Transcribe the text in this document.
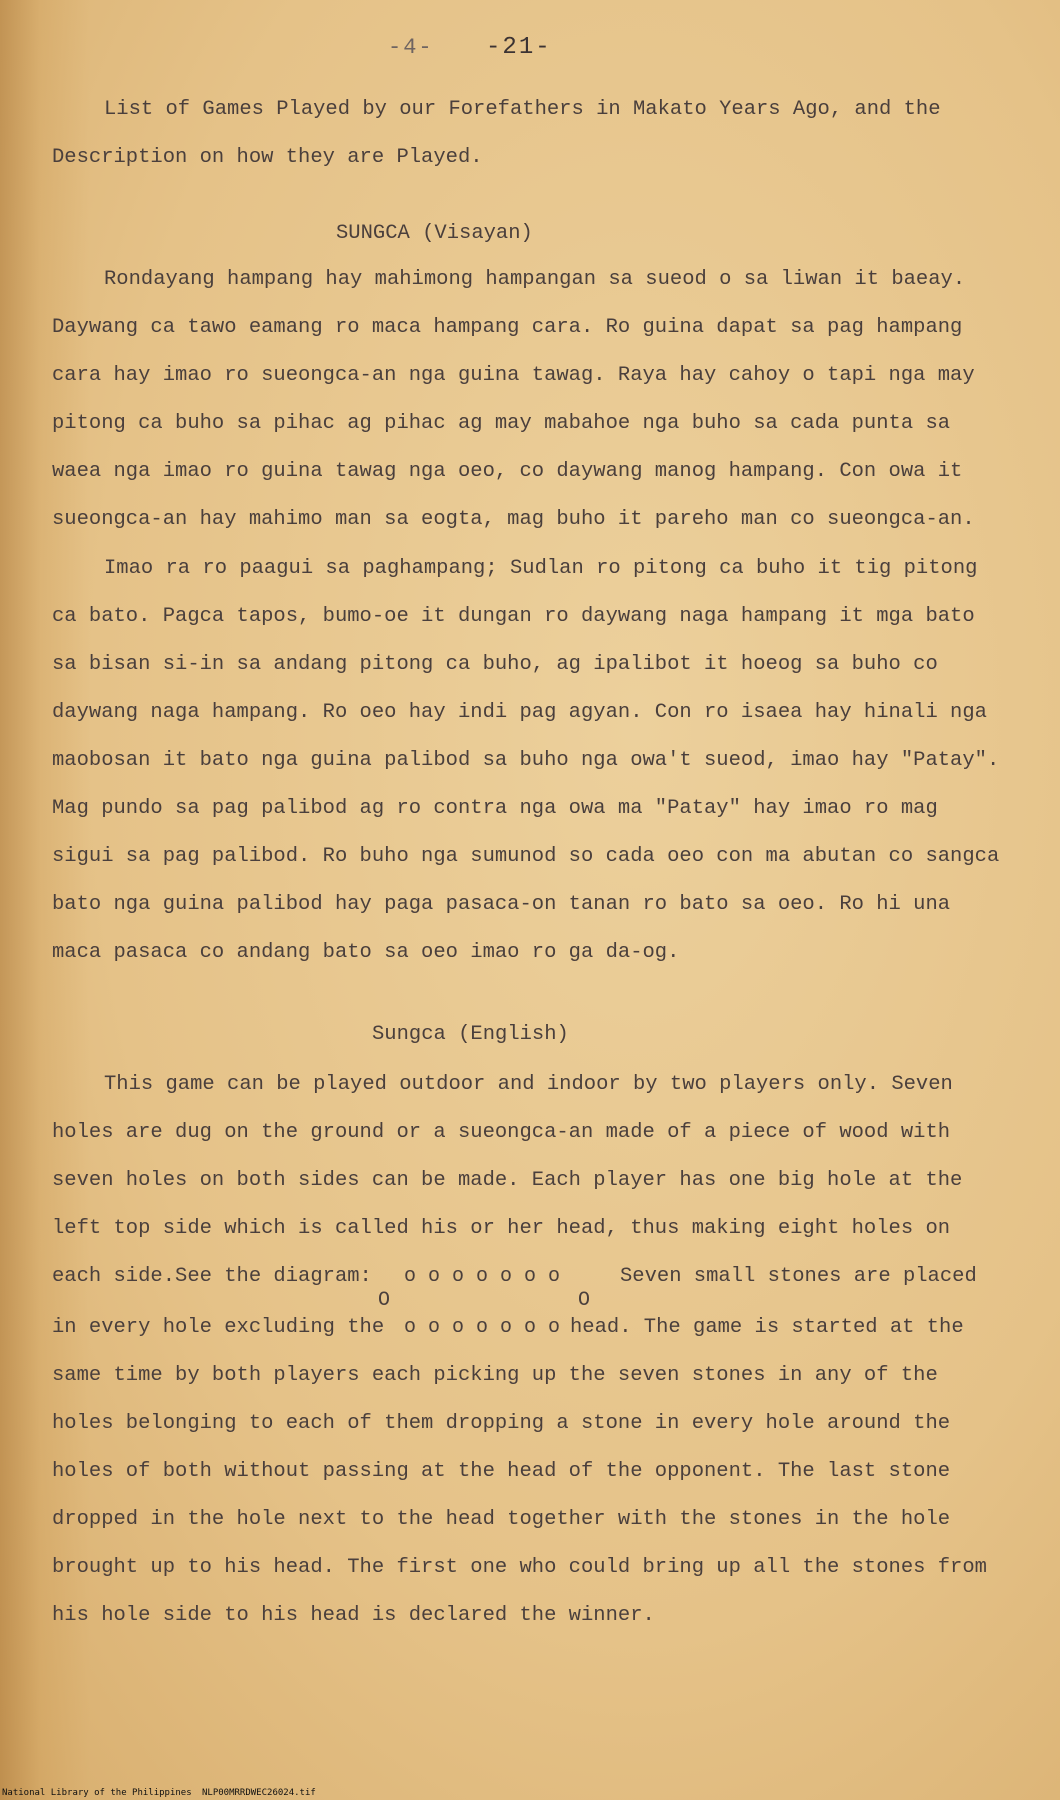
-4- -21-
List of Games Played by our Forefathers in Makato Years Ago, and the
Description on how they are Played.
SUNGCA (Visayan)
Rondayang hampang hay mahimong hampangan sa sueod o sa liwan it baeay.
Daywang ca tawo eamang ro maca hampang cara. Ro guina dapat sa pag hampang
cara hay imao ro sueongca-an nga guina tawag. Raya hay cahoy o tapi nga may
pitong ca buho sa pihac ag pihac ag may mabahoe nga buho sa cada punta sa
waea nga imao ro guina tawag nga oeo, co daywang manog hampang. Con owa it
sueongca-an hay mahimo man sa eogta, mag buho it pareho man co sueongca-an.
Imao ra ro paagui sa paghampang; Sudlan ro pitong ca buho it tig pitong
ca bato. Pagca tapos, bumo-oe it dungan ro daywang naga hampang it mga bato
sa bisan si-in sa andang pitong ca buho, ag ipalibot it hoeog sa buho co
daywang naga hampang. Ro oeo hay indi pag agyan. Con ro isaea hay hinali nga
maobosan it bato nga guina palibod sa buho nga owa't sueod, imao hay "Patay".
Mag pundo sa pag palibod ag ro contra nga owa ma "Patay" hay imao ro mag
sigui sa pag palibod. Ro buho nga sumunod so cada oeo con ma abutan co sangca
bato nga guina palibod hay paga pasaca-on tanan ro bato sa oeo. Ro hi una
maca pasaca co andang bato sa oeo imao ro ga da-og.
Sungca (English)
This game can be played outdoor and indoor by two players only. Seven
holes are dug on the ground or a sueongca-an made of a piece of wood with
seven holes on both sides can be made. Each player has one big hole at the
left top side which is called his or her head, thus making eight holes on
each side.See the diagram: o o o o o o o	Seven small stones are placed
O	O
in every hole excluding the o o o o o o o head. The game is started at the
same time by both players each picking up the seven stones in any of the
holes belonging to each of them dropping a stone in every hole around the
holes of both without passing at the head of the opponent. The last stone
dropped in the hole next to the head together with the stones in the hole
brought up to his head. The first one who could bring up all the stones from
his hole side to his head is declared the winner.
National Library of the Philippines NLP00MRRDWEC26024.tif
